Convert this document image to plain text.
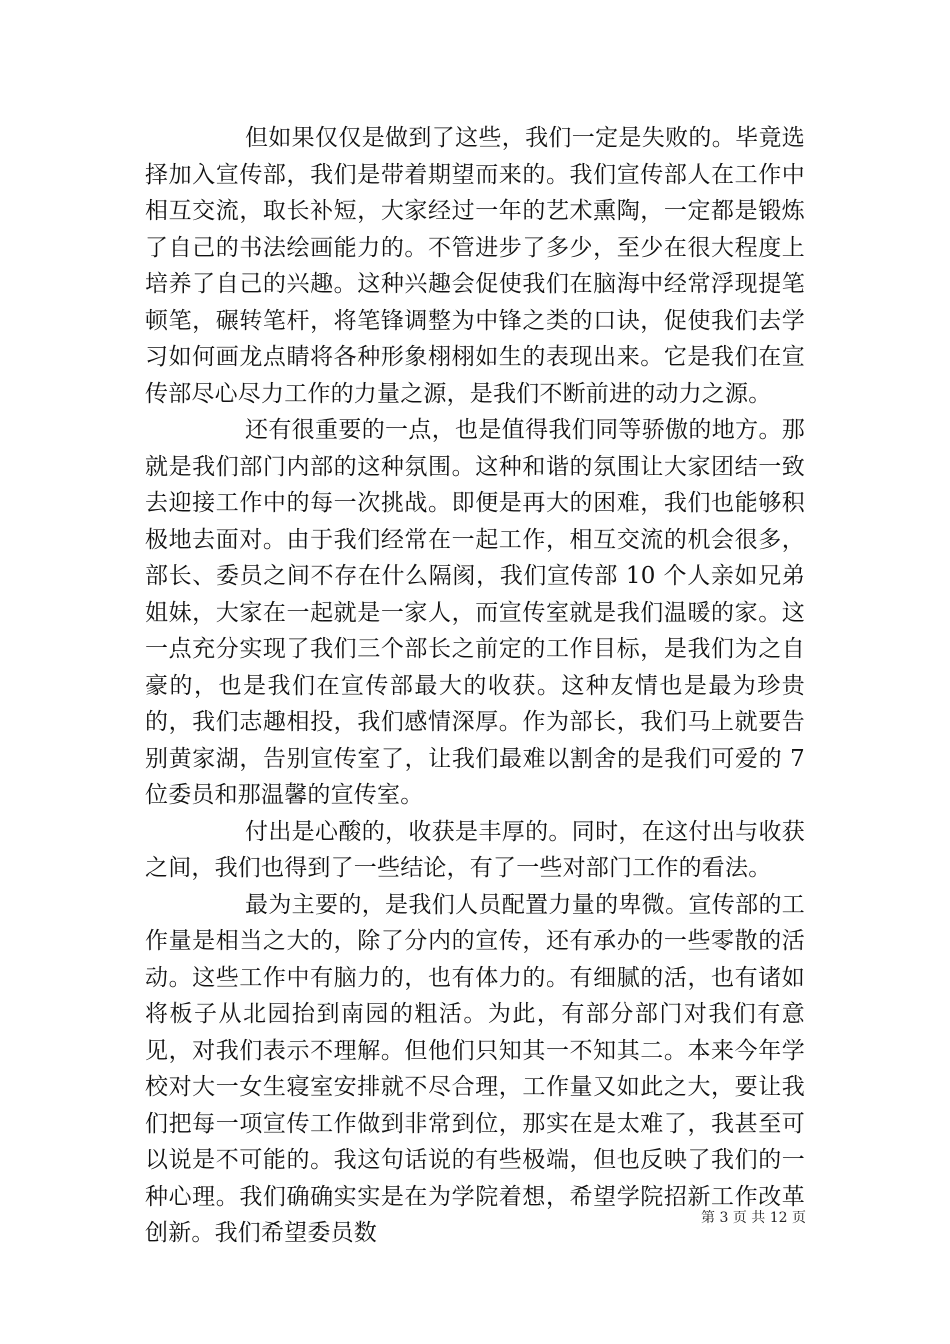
但如果仅仅是做到了这些，我们一定是失败的。毕竟选择加入宣传部，我们是带着期望而来的。我们宣传部人在工作中相互交流，取长补短，大家经过一年的艺术熏陶，一定都是锻炼了自己的书法绘画能力的。不管进步了多少，至少在很大程度上培养了自己的兴趣。这种兴趣会促使我们在脑海中经常浮现提笔顿笔，碾转笔杆，将笔锋调整为中锋之类的口诀，促使我们去学习如何画龙点睛将各种形象栩栩如生的表现出来。它是我们在宣传部尽心尽力工作的力量之源，是我们不断前进的动力之源。

还有很重要的一点，也是值得我们同等骄傲的地方。那就是我们部门内部的这种氛围。这种和谐的氛围让大家团结一致去迎接工作中的每一次挑战。即便是再大的困难，我们也能够积极地去面对。由于我们经常在一起工作，相互交流的机会很多，部长、委员之间不存在什么隔阂，我们宣传部 10 个人亲如兄弟姐妹，大家在一起就是一家人，而宣传室就是我们温暖的家。这一点充分实现了我们三个部长之前定的工作目标，是我们为之自豪的，也是我们在宣传部最大的收获。这种友情也是最为珍贵的，我们志趣相投，我们感情深厚。作为部长，我们马上就要告别黄家湖，告别宣传室了，让我们最难以割舍的是我们可爱的 7 位委员和那温馨的宣传室。

付出是心酸的，收获是丰厚的。同时，在这付出与收获之间，我们也得到了一些结论，有了一些对部门工作的看法。

最为主要的，是我们人员配置力量的卑微。宣传部的工作量是相当之大的，除了分内的宣传，还有承办的一些零散的活动。这些工作中有脑力的，也有体力的。有细腻的活，也有诸如将板子从北园抬到南园的粗活。为此，有部分部门对我们有意见，对我们表示不理解。但他们只知其一不知其二。本来今年学校对大一女生寝室安排就不尽合理，工作量又如此之大，要让我们把每一项宣传工作做到非常到位，那实在是太难了，我甚至可以说是不可能的。我这句话说的有些极端，但也反映了我们的一种心理。我们确确实实是在为学院着想，希望学院招新工作改革创新。我们希望委员数

第 3 页 共 12 页
